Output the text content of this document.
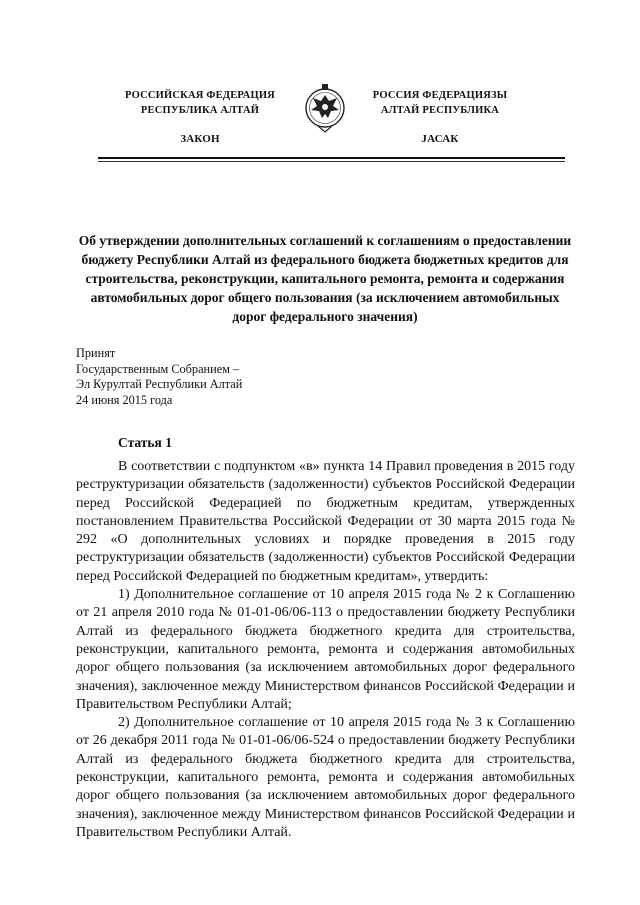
РОССИЙСКАЯ ФЕДЕРАЦИЯ
РЕСПУБЛИКА АЛТАЙ
ЗАКОН
РОССИЯ ФЕДЕРАЦИЯЗЫ
АЛТАЙ РЕСПУБЛИКА
JАСАК
Об утверждении дополнительных соглашений к соглашениям о предоставлении бюджету Республики Алтай из федерального бюджета бюджетных кредитов для строительства, реконструкции, капитального ремонта, ремонта и содержания автомобильных дорог общего пользования (за исключением автомобильных дорог федерального значения)
Принят
Государственным Собранием –
Эл Курултай Республики Алтай
24 июня 2015 года
Статья 1

В соответствии с подпунктом «в» пункта 14 Правил проведения в 2015 году реструктуризации обязательств (задолженности) субъектов Российской Федерации перед Российской Федерацией по бюджетным кредитам, утвержденных постановлением Правительства Российской Федерации от 30 марта 2015 года № 292 «О дополнительных условиях и порядке проведения в 2015 году реструктуризации обязательств (задолженности) субъектов Российской Федерации перед Российской Федерацией по бюджетным кредитам», утвердить:

1) Дополнительное соглашение от 10 апреля 2015 года № 2 к Соглашению от 21 апреля 2010 года № 01-01-06/06-113 о предоставлении бюджету Республики Алтай из федерального бюджета бюджетного кредита для строительства, реконструкции, капитального ремонта, ремонта и содержания автомобильных дорог общего пользования (за исключением автомобильных дорог федерального значения), заключенное между Министерством финансов Российской Федерации и Правительством Республики Алтай;

2) Дополнительное соглашение от 10 апреля 2015 года № 3 к Соглашению от 26 декабря 2011 года № 01-01-06/06-524 о предоставлении бюджету Республики Алтай из федерального бюджета бюджетного кредита для строительства, реконструкции, капитального ремонта, ремонта и содержания автомобильных дорог общего пользования (за исключением автомобильных дорог федерального значения), заключенное между Министерством финансов Российской Федерации и Правительством Республики Алтай.
